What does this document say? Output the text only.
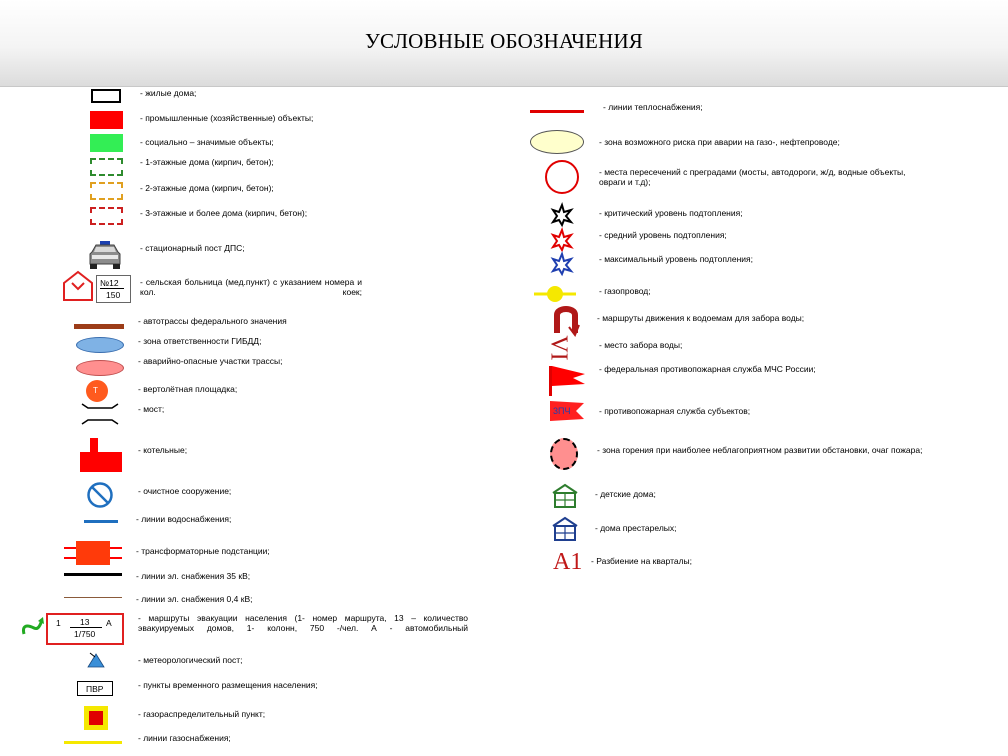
УСЛОВНЫЕ ОБОЗНАЧЕНИЯ
- жилые дома;
- промышленные (хозяйственные) объекты;
- социально – значимые объекты;
- 1-этажные дома (кирпич, бетон);
- 2-этажные дома (кирпич, бетон);
- 3-этажные и более дома (кирпич, бетон);
- стационарный пост ДПС;
№12
150
- сельская больница (мед.пункт) с указанием номера и кол. коек;
- автотрассы федерального значения
- зона ответственности ГИБДД;
- аварийно-опасные участки трассы;
Т	- вертолётная площадка;
- мост;
- котельные;
- очистное сооружение;
- линии водоснабжения;
- трансформаторные подстанции;
- линии эл. снабжения 35 кВ;
- линии эл. снабжения 0,4 кВ;
1 13 А
1/750
- маршруты эвакуации населения (1- номер маршрута, 13 – количество эвакуируемых домов, 1- колонн, 750 -/чел. А - автомобильный
- метеорологический пост;
ПВР	- пункты временного размещения населения;
- газораспределительный пункт;
- линии газоснабжения;
- линии теплоснабжения;
- зона возможного риска при аварии на газо-, нефтепроводе;
- места пересечений с преградами (мосты, автодороги, ж/д, водные объекты, овраги и т.д);
- критический уровень подтопления;
- средний уровень подтопления;
- максимальный уровень подтопления;
- газопровод;
- маршруты движения к водоемам для забора воды;
VI	- место забора воды;
- федеральная противопожарная служба МЧС России;
3ПЧ	- противопожарная служба субъектов;
- зона горения при наиболее неблагоприятном развитии обстановки, очаг пожара;
- детские дома;
- дома престарелых;
А1 - Разбиение на кварталы;
